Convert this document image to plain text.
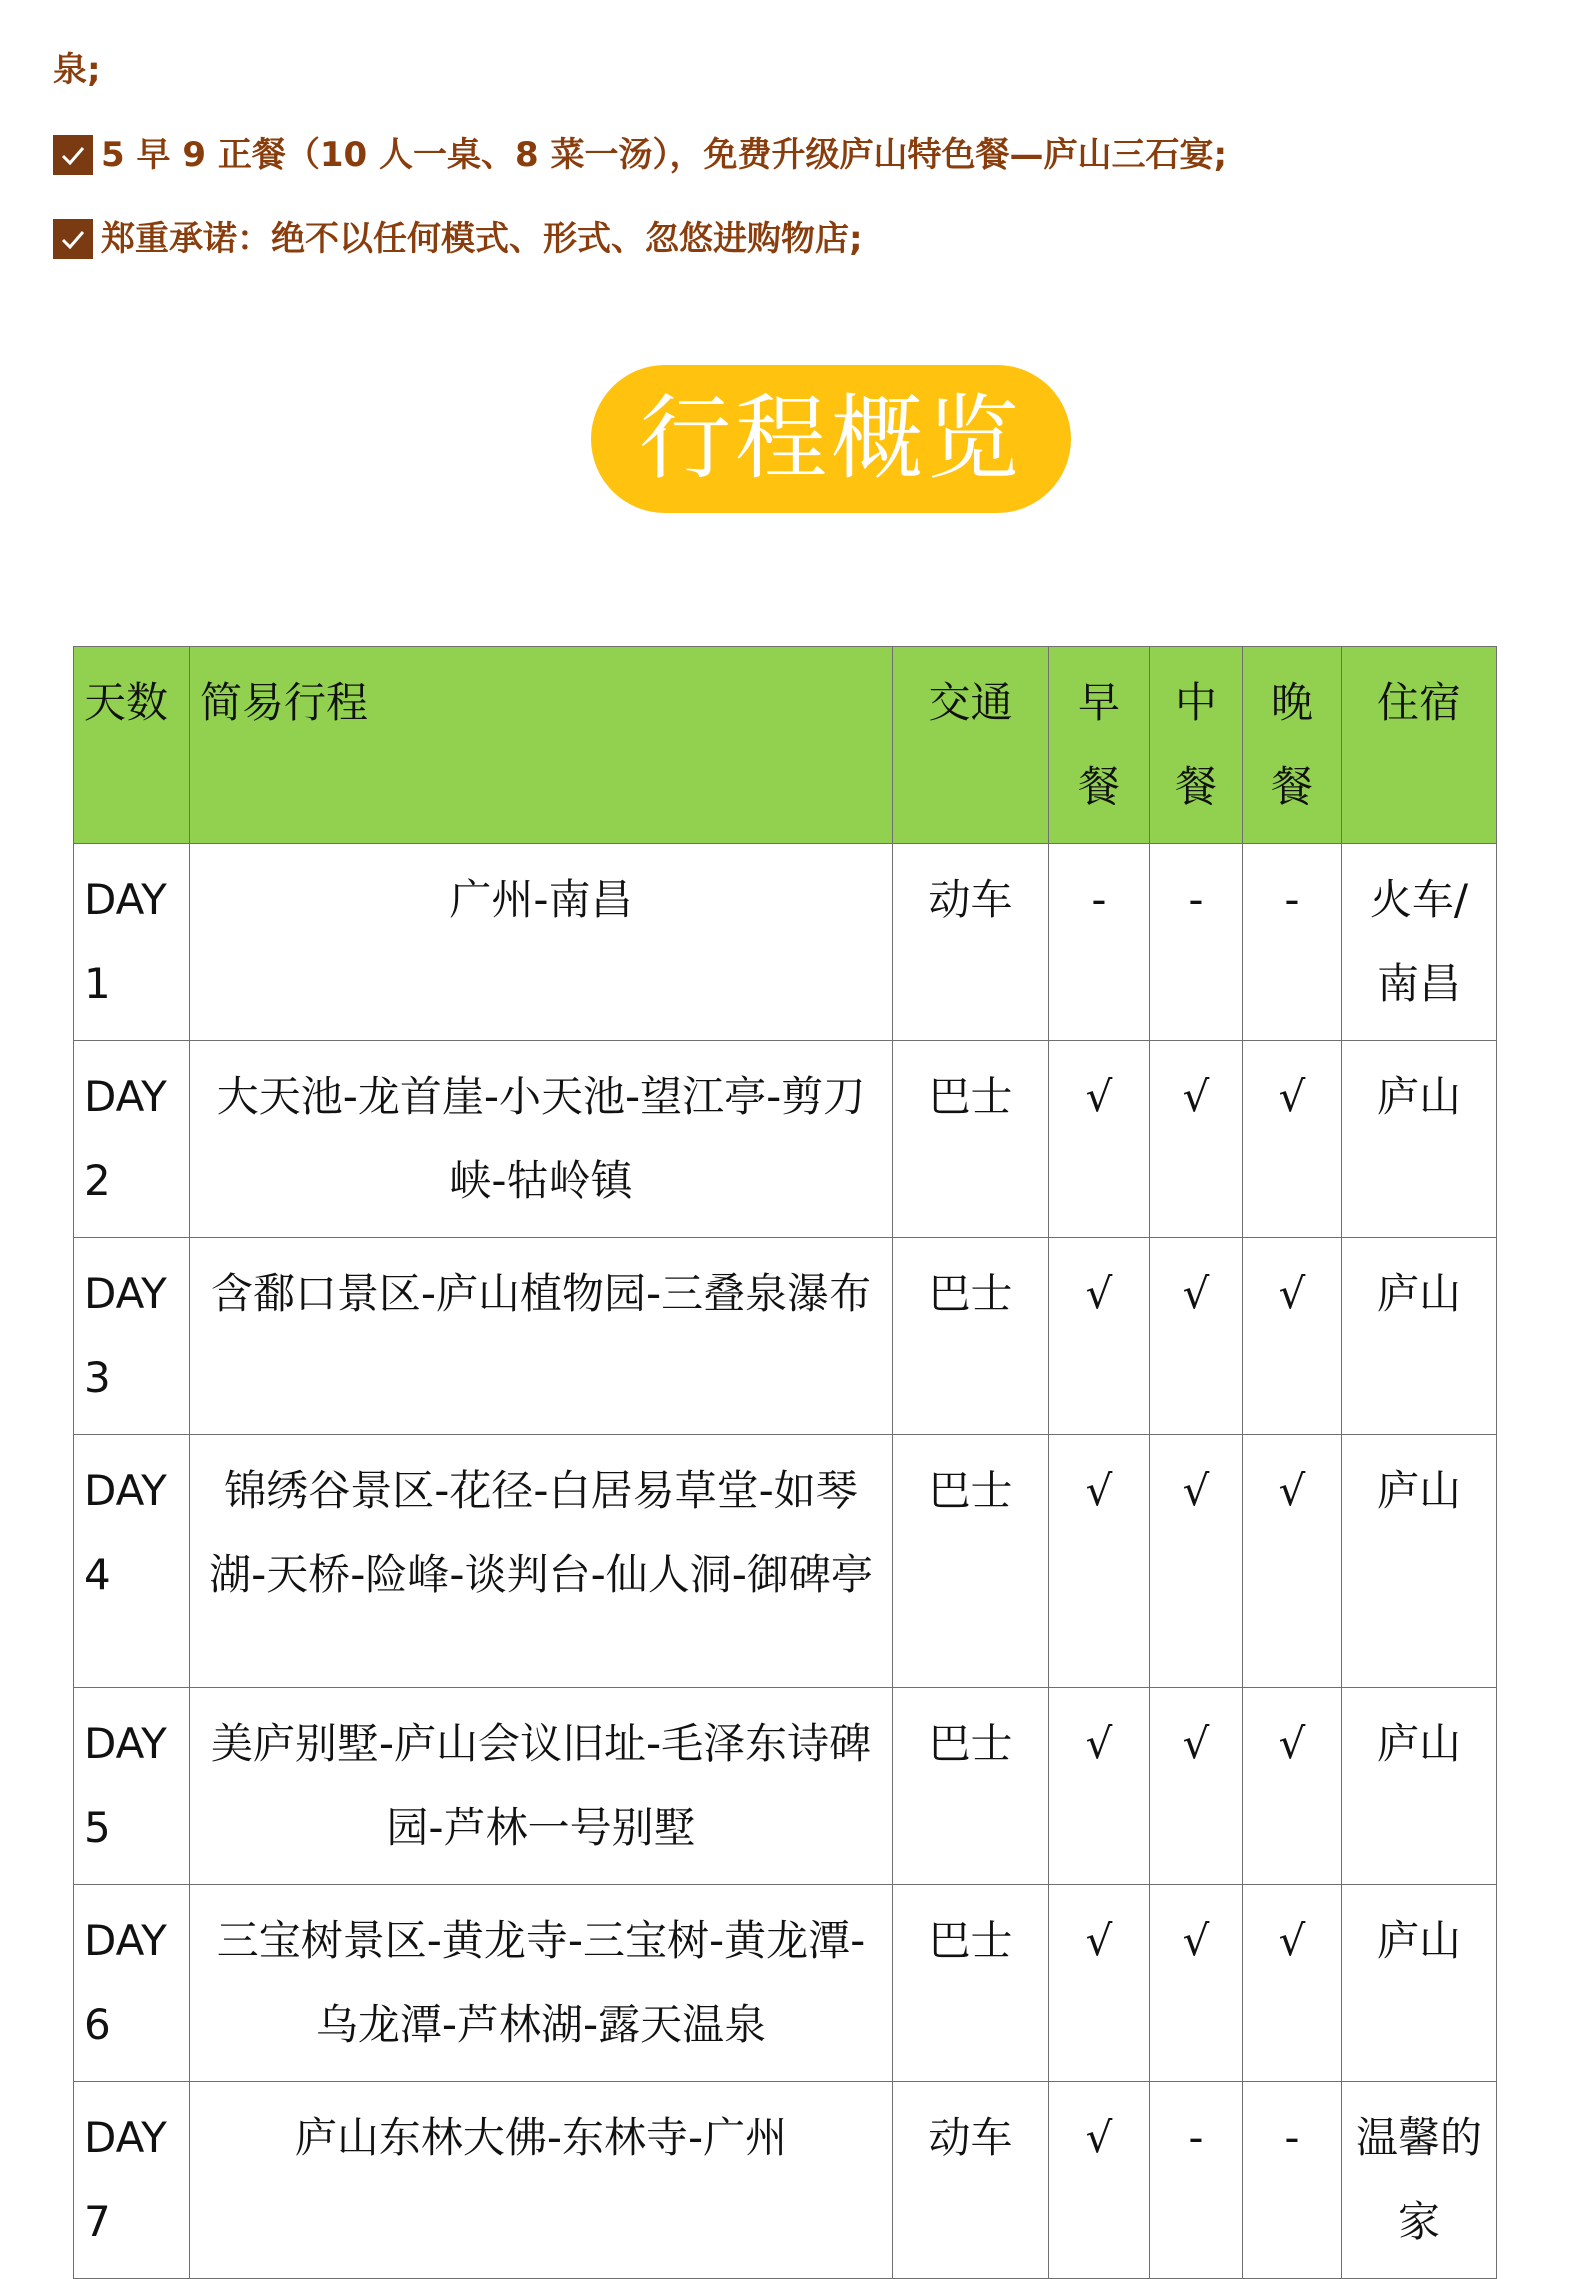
泉;
5 早 9 正餐（10 人一桌、8 菜一汤），免费升级庐山特色餐—庐山三石宴;
郑重承诺：绝不以任何模式、形式、忽悠进购物店;
行程概览
天数	简易行程	交通	早餐	中餐	晚餐	住宿
DAY1	广州-南昌	动车	-	-	-	火车/南昌
DAY2	大天池-龙首崖-小天池-望江亭-剪刀峡-牯岭镇	巴士	√	√	√	庐山
DAY3	含鄱口景区-庐山植物园-三叠泉瀑布	巴士	√	√	√	庐山
DAY4	锦绣谷景区-花径-白居易草堂-如琴湖-天桥-险峰-谈判台-仙人洞-御碑亭	巴士	√	√	√	庐山
DAY5	美庐别墅-庐山会议旧址-毛泽东诗碑园-芦林一号别墅	巴士	√	√	√	庐山
DAY6	三宝树景区-黄龙寺-三宝树-黄龙潭-乌龙潭-芦林湖-露天温泉	巴士	√	√	√	庐山
DAY7	庐山东林大佛-东林寺-广州	动车	√	-	-	温馨的家
